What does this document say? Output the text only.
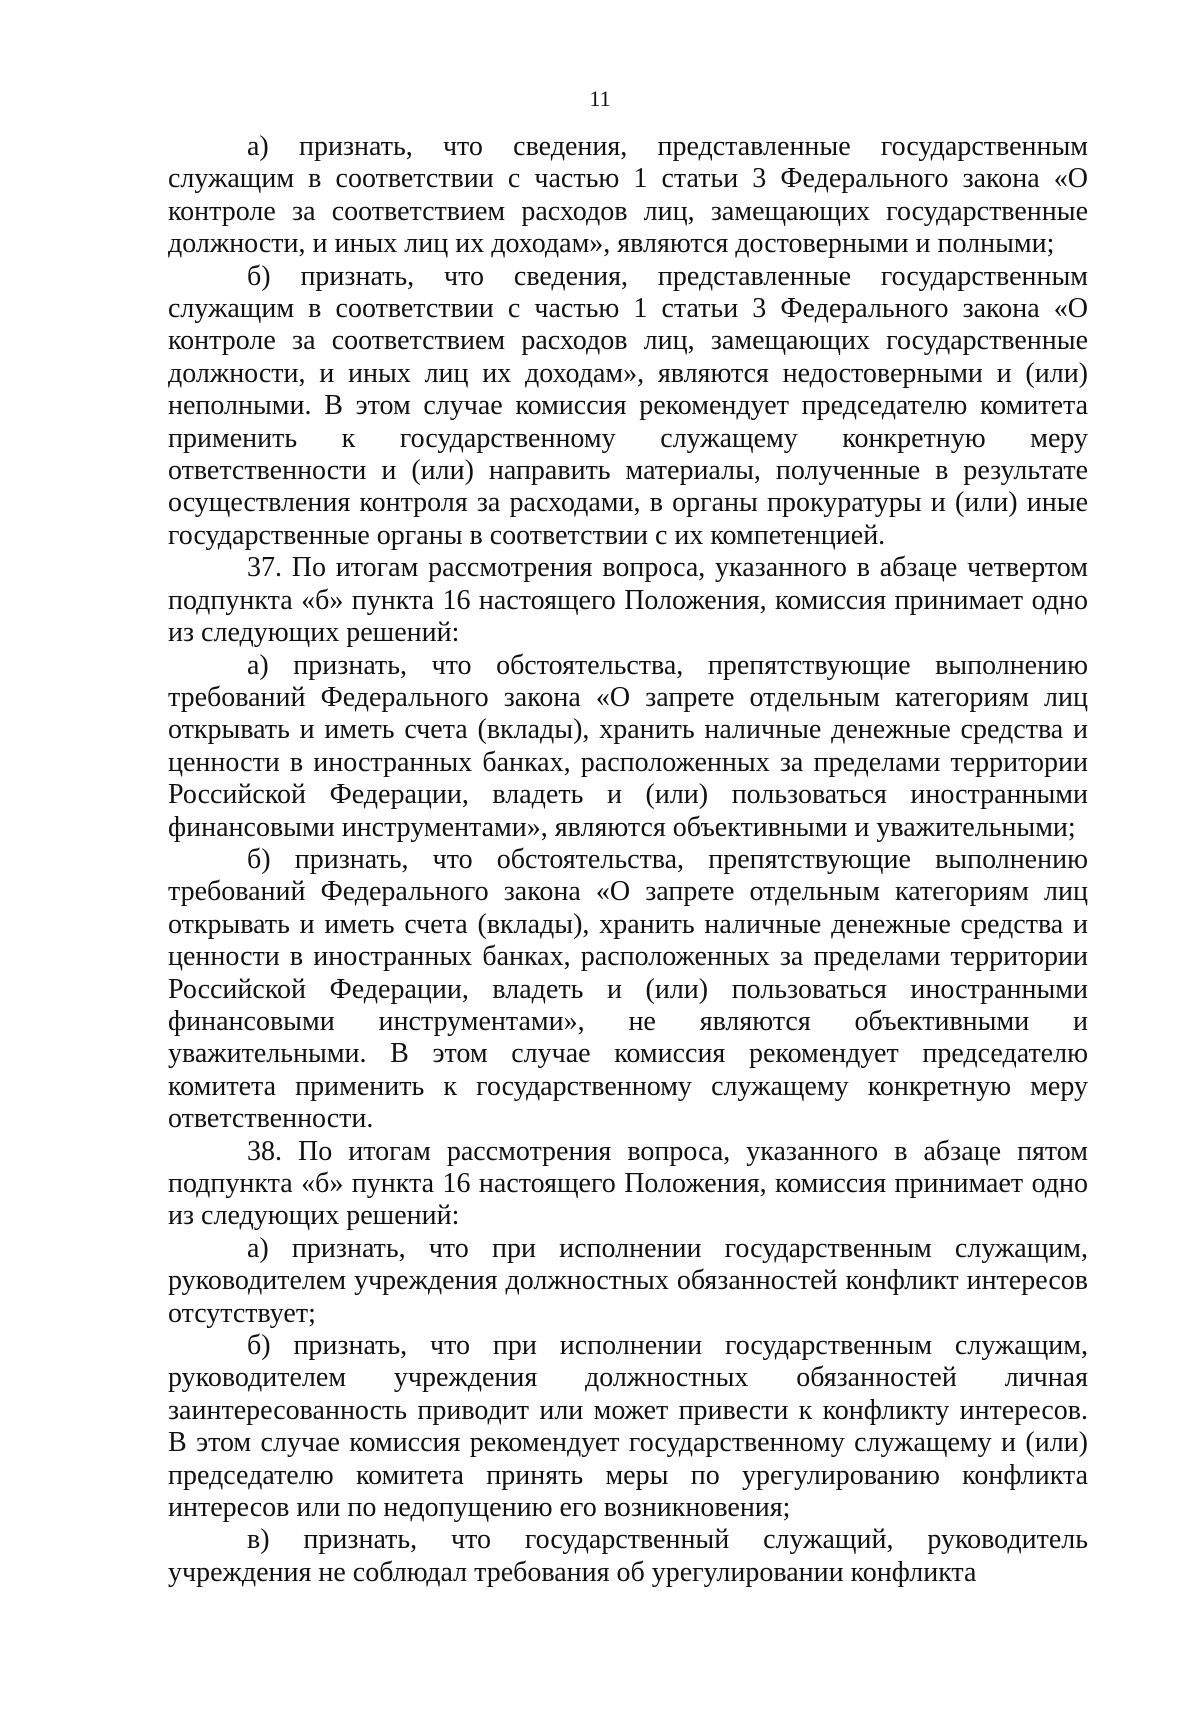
11

а) признать, что сведения, представленные государственным служащим в соответствии с частью 1 статьи 3 Федерального закона «О контроле за соответствием расходов лиц, замещающих государственные должности, и иных лиц их доходам», являются достоверными и полными;

б) признать, что сведения, представленные государственным служащим в соответствии с частью 1 статьи 3 Федерального закона «О контроле за соответствием расходов лиц, замещающих государственные должности, и иных лиц их доходам», являются недостоверными и (или) неполными. В этом случае комиссия рекомендует председателю комитета применить к государственному служащему конкретную меру ответственности и (или) направить материалы, полученные в результате осуществления контроля за расходами, в органы прокуратуры и (или) иные государственные органы в соответствии с их компетенцией.

37. По итогам рассмотрения вопроса, указанного в абзаце четвертом подпункта «б» пункта 16 настоящего Положения, комиссия принимает одно из следующих решений:

а) признать, что обстоятельства, препятствующие выполнению требований Федерального закона «О запрете отдельным категориям лиц открывать и иметь счета (вклады), хранить наличные денежные средства и ценности в иностранных банках, расположенных за пределами территории Российской Федерации, владеть и (или) пользоваться иностранными финансовыми инструментами», являются объективными и уважительными;

б) признать, что обстоятельства, препятствующие выполнению требований Федерального закона «О запрете отдельным категориям лиц открывать и иметь счета (вклады), хранить наличные денежные средства и ценности в иностранных банках, расположенных за пределами территории Российской Федерации, владеть и (или) пользоваться иностранными финансовыми инструментами», не являются объективными и уважительными. В этом случае комиссия рекомендует председателю комитета применить к государственному служащему конкретную меру ответственности.

38. По итогам рассмотрения вопроса, указанного в абзаце пятом подпункта «б» пункта 16 настоящего Положения, комиссия принимает одно из следующих решений:

а) признать, что при исполнении государственным служащим, руководителем учреждения должностных обязанностей конфликт интересов отсутствует;

б) признать, что при исполнении государственным служащим, руководителем учреждения должностных обязанностей личная заинтересованность приводит или может привести к конфликту интересов. В этом случае комиссия рекомендует государственному служащему и (или) председателю комитета принять меры по урегулированию конфликта интересов или по недопущению его возникновения;

в) признать, что государственный служащий, руководитель учреждения не соблюдал требования об урегулировании конфликта
